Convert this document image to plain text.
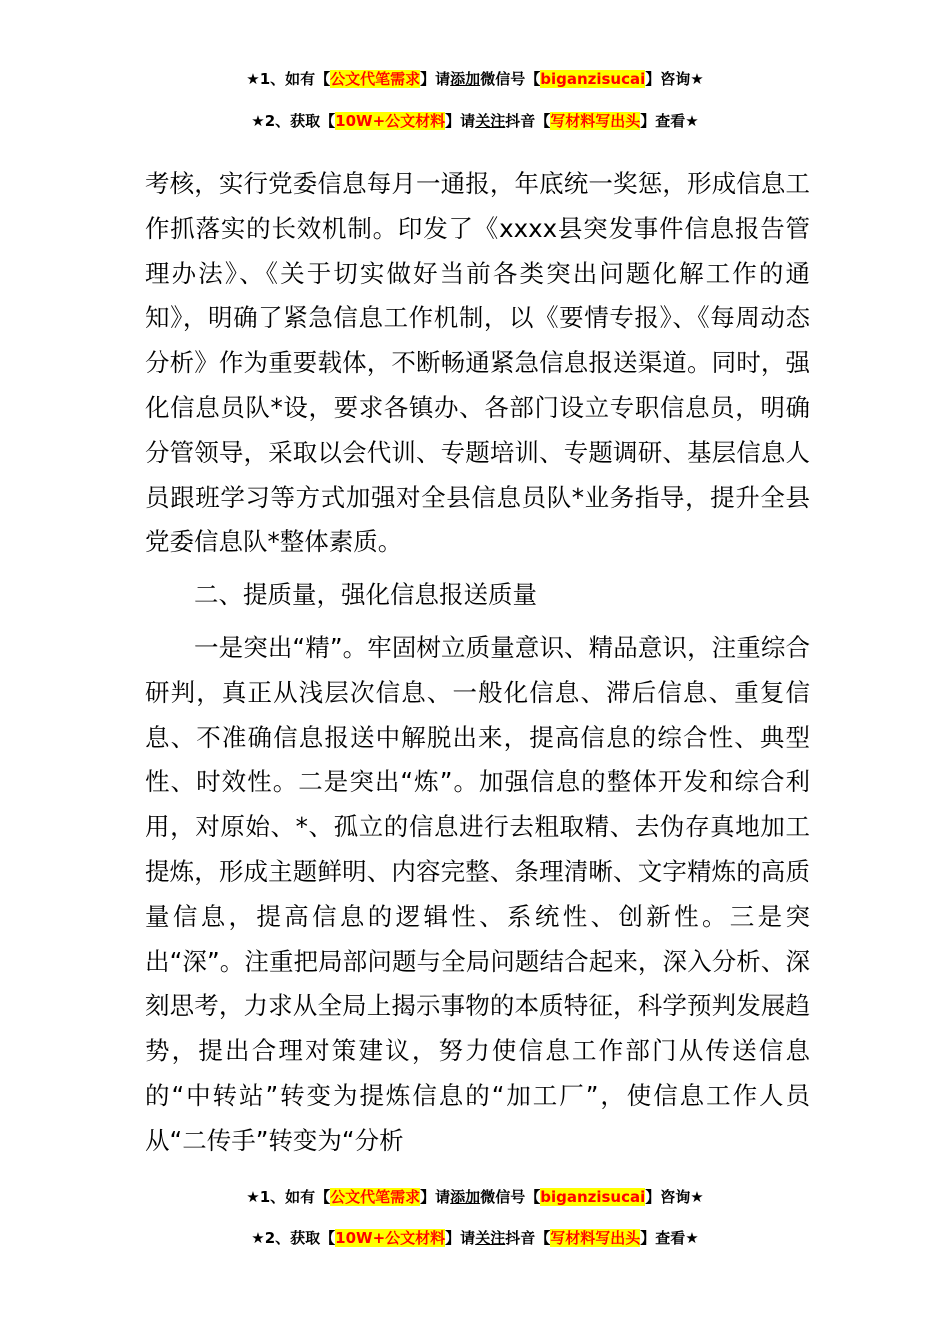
★1、如有【公文代笔需求】请添加微信号【biganzisucai】咨询★
★2、获取【10W+公文材料】请关注抖音【写材料写出头】查看★

考核，实行党委信息每月一通报，年底统一奖惩，形成信息工作抓落实的长效机制。印发了《xxxx县突发事件信息报告管理办法》、《关于切实做好当前各类突出问题化解工作的通知》，明确了紧急信息工作机制，以《要情专报》、《每周动态分析》作为重要载体，不断畅通紧急信息报送渠道。同时，强化信息员队*设，要求各镇办、各部门设立专职信息员，明确分管领导，采取以会代训、专题培训、专题调研、基层信息人员跟班学习等方式加强对全县信息员队*业务指导，提升全县党委信息队*整体素质。

二、提质量，强化信息报送质量

一是突出“精”。牢固树立质量意识、精品意识，注重综合研判，真正从浅层次信息、一般化信息、滞后信息、重复信息、不准确信息报送中解脱出来，提高信息的综合性、典型性、时效性。二是突出“炼”。加强信息的整体开发和综合利用，对原始、*、孤立的信息进行去粗取精、去伪存真地加工提炼，形成主题鲜明、内容完整、条理清晰、文字精炼的高质量信息，提高信息的逻辑性、系统性、创新性。三是突出“深”。注重把局部问题与全局问题结合起来，深入分析、深刻思考，力求从全局上揭示事物的本质特征，科学预判发展趋势，提出合理对策建议，努力使信息工作部门从传送信息的“中转站”转变为提炼信息的“加工厂”，使信息工作人员从“二传手”转变为“分析

★1、如有【公文代笔需求】请添加微信号【biganzisucai】咨询★
★2、获取【10W+公文材料】请关注抖音【写材料写出头】查看★
